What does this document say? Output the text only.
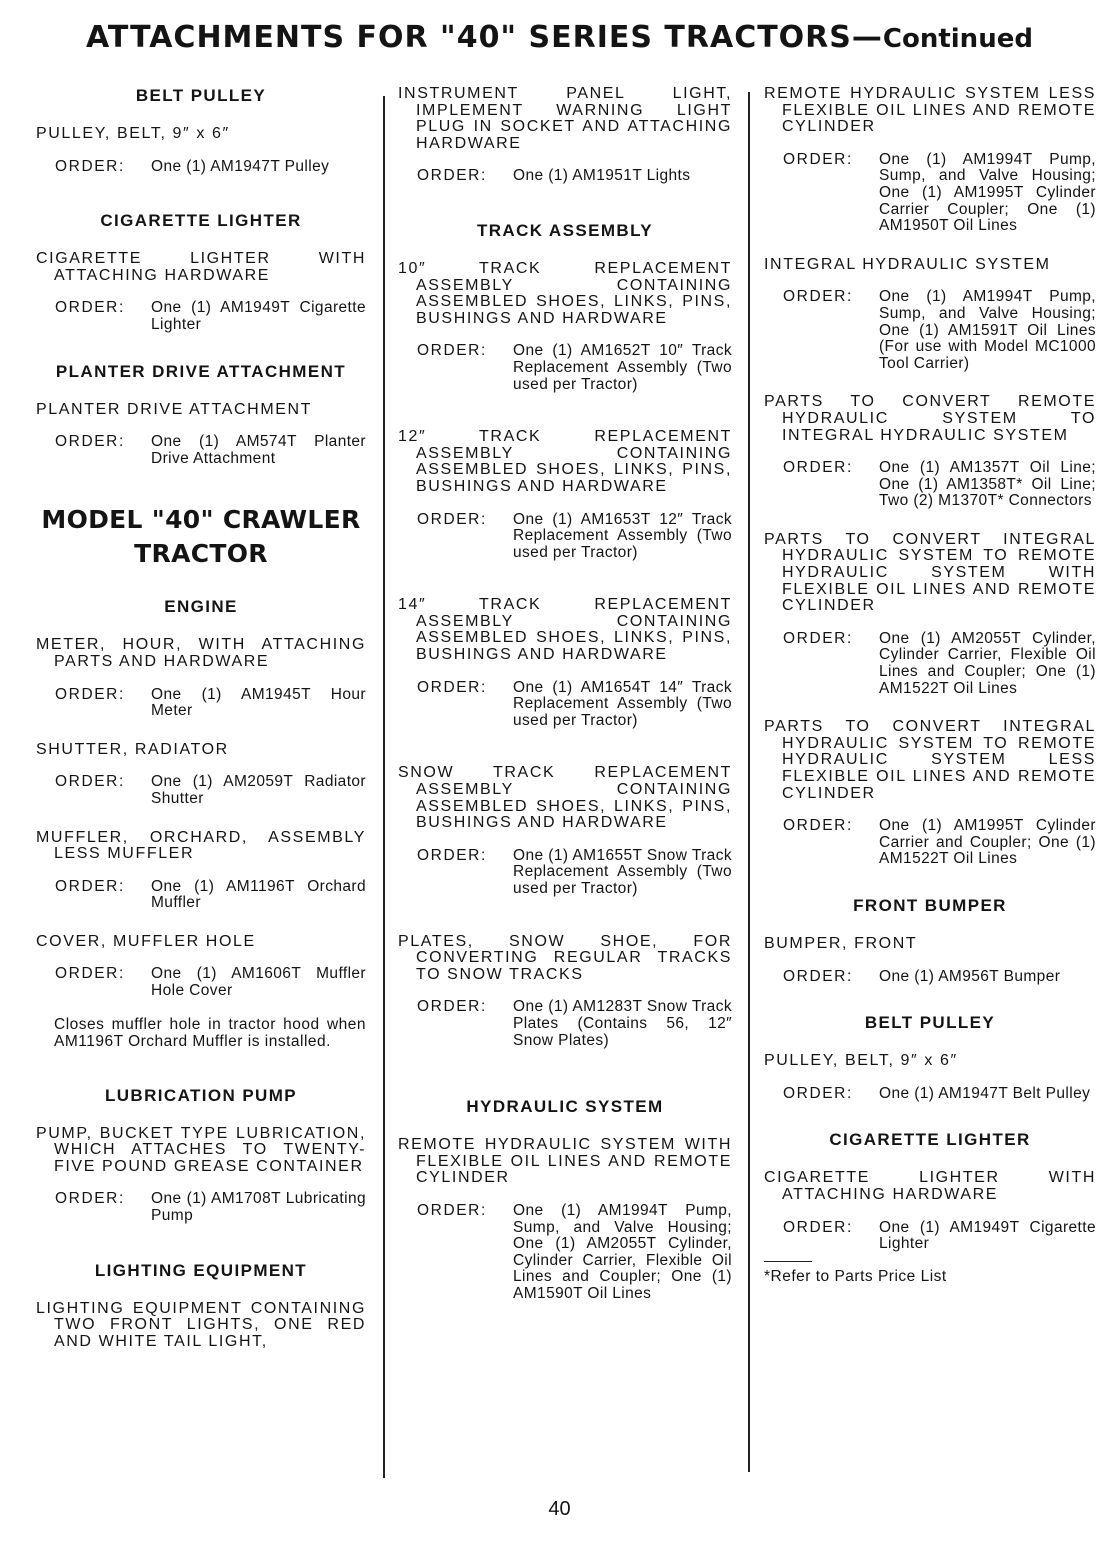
ATTACHMENTS FOR "40" SERIES TRACTORS—Continued
BELT PULLEY

PULLEY, BELT, 9″ x 6″

ORDER:	One (1) AM1947T Pulley
CIGARETTE LIGHTER

CIGARETTE LIGHTER WITH ATTACHING HARDWARE

ORDER:	One (1) AM1949T Cigarette Lighter
PLANTER DRIVE ATTACHMENT

PLANTER DRIVE ATTACHMENT

ORDER:	One (1) AM574T Planter Drive Attachment
MODEL "40" CRAWLER TRACTOR
ENGINE

METER, HOUR, WITH ATTACHING PARTS AND HARDWARE

ORDER:	One (1) AM1945T Hour Meter

SHUTTER, RADIATOR

ORDER:	One (1) AM2059T Radiator Shutter

MUFFLER, ORCHARD, ASSEMBLY LESS MUFFLER

ORDER:	One (1) AM1196T Orchard Muffler

COVER, MUFFLER HOLE

ORDER:	One (1) AM1606T Muffler Hole Cover

Closes muffler hole in tractor hood when AM1196T Orchard Muffler is installed.

LUBRICATION PUMP

PUMP, BUCKET TYPE LUBRICATION, WHICH ATTACHES TO TWENTY-FIVE POUND GREASE CONTAINER

ORDER:	One (1) AM1708T Lubricating Pump
LIGHTING EQUIPMENT

LIGHTING EQUIPMENT CONTAINING TWO FRONT LIGHTS, ONE RED AND WHITE TAIL LIGHT,

INSTRUMENT PANEL LIGHT, IMPLEMENT WARNING LIGHT PLUG IN SOCKET AND ATTACHING HARDWARE

ORDER:	One (1) AM1951T Lights
TRACK ASSEMBLY

10″ TRACK REPLACEMENT ASSEMBLY CONTAINING ASSEMBLED SHOES, LINKS, PINS, BUSHINGS AND HARDWARE

ORDER:	One (1) AM1652T 10″ Track Replacement Assembly (Two used per Tractor)

12″ TRACK REPLACEMENT ASSEMBLY CONTAINING ASSEMBLED SHOES, LINKS, PINS, BUSHINGS AND HARDWARE

ORDER:	One (1) AM1653T 12″ Track Replacement Assembly (Two used per Tractor)

14″ TRACK REPLACEMENT ASSEMBLY CONTAINING ASSEMBLED SHOES, LINKS, PINS, BUSHINGS AND HARDWARE

ORDER:	One (1) AM1654T 14″ Track Replacement Assembly (Two used per Tractor)

SNOW TRACK REPLACEMENT ASSEMBLY CONTAINING ASSEMBLED SHOES, LINKS, PINS, BUSHINGS AND HARDWARE

ORDER:	One (1) AM1655T Snow Track Replacement Assembly (Two used per Tractor)

PLATES, SNOW SHOE, FOR CONVERTING REGULAR TRACKS TO SNOW TRACKS

ORDER:	One (1) AM1283T Snow Track Plates (Contains 56, 12″ Snow Plates)
HYDRAULIC SYSTEM

REMOTE HYDRAULIC SYSTEM WITH FLEXIBLE OIL LINES AND REMOTE CYLINDER

ORDER:	One (1) AM1994T Pump, Sump, and Valve Housing; One (1) AM2055T Cylinder, Cylinder Carrier, Flexible Oil Lines and Coupler; One (1) AM1590T Oil Lines

REMOTE HYDRAULIC SYSTEM LESS FLEXIBLE OIL LINES AND REMOTE CYLINDER

ORDER:	One (1) AM1994T Pump, Sump, and Valve Housing; One (1) AM1995T Cylinder Carrier Coupler; One (1) AM1950T Oil Lines

INTEGRAL HYDRAULIC SYSTEM

ORDER:	One (1) AM1994T Pump, Sump, and Valve Housing; One (1) AM1591T Oil Lines (For use with Model MC1000 Tool Carrier)

PARTS TO CONVERT REMOTE HYDRAULIC SYSTEM TO INTEGRAL HYDRAULIC SYSTEM

ORDER:	One (1) AM1357T Oil Line; One (1) AM1358T* Oil Line; Two (2) M1370T* Connectors

PARTS TO CONVERT INTEGRAL HYDRAULIC SYSTEM TO REMOTE HYDRAULIC SYSTEM WITH FLEXIBLE OIL LINES AND REMOTE CYLINDER

ORDER:	One (1) AM2055T Cylinder, Cylinder Carrier, Flexible Oil Lines and Coupler; One (1) AM1522T Oil Lines

PARTS TO CONVERT INTEGRAL HYDRAULIC SYSTEM TO REMOTE HYDRAULIC SYSTEM LESS FLEXIBLE OIL LINES AND REMOTE CYLINDER

ORDER:	One (1) AM1995T Cylinder Carrier and Coupler; One (1) AM1522T Oil Lines
FRONT BUMPER

BUMPER, FRONT

ORDER:	One (1) AM956T Bumper
BELT PULLEY

PULLEY, BELT, 9″ x 6″

ORDER:	One (1) AM1947T Belt Pulley
CIGARETTE LIGHTER

CIGARETTE LIGHTER WITH ATTACHING HARDWARE

ORDER:	One (1) AM1949T Cigarette Lighter
*Refer to Parts Price List
40
